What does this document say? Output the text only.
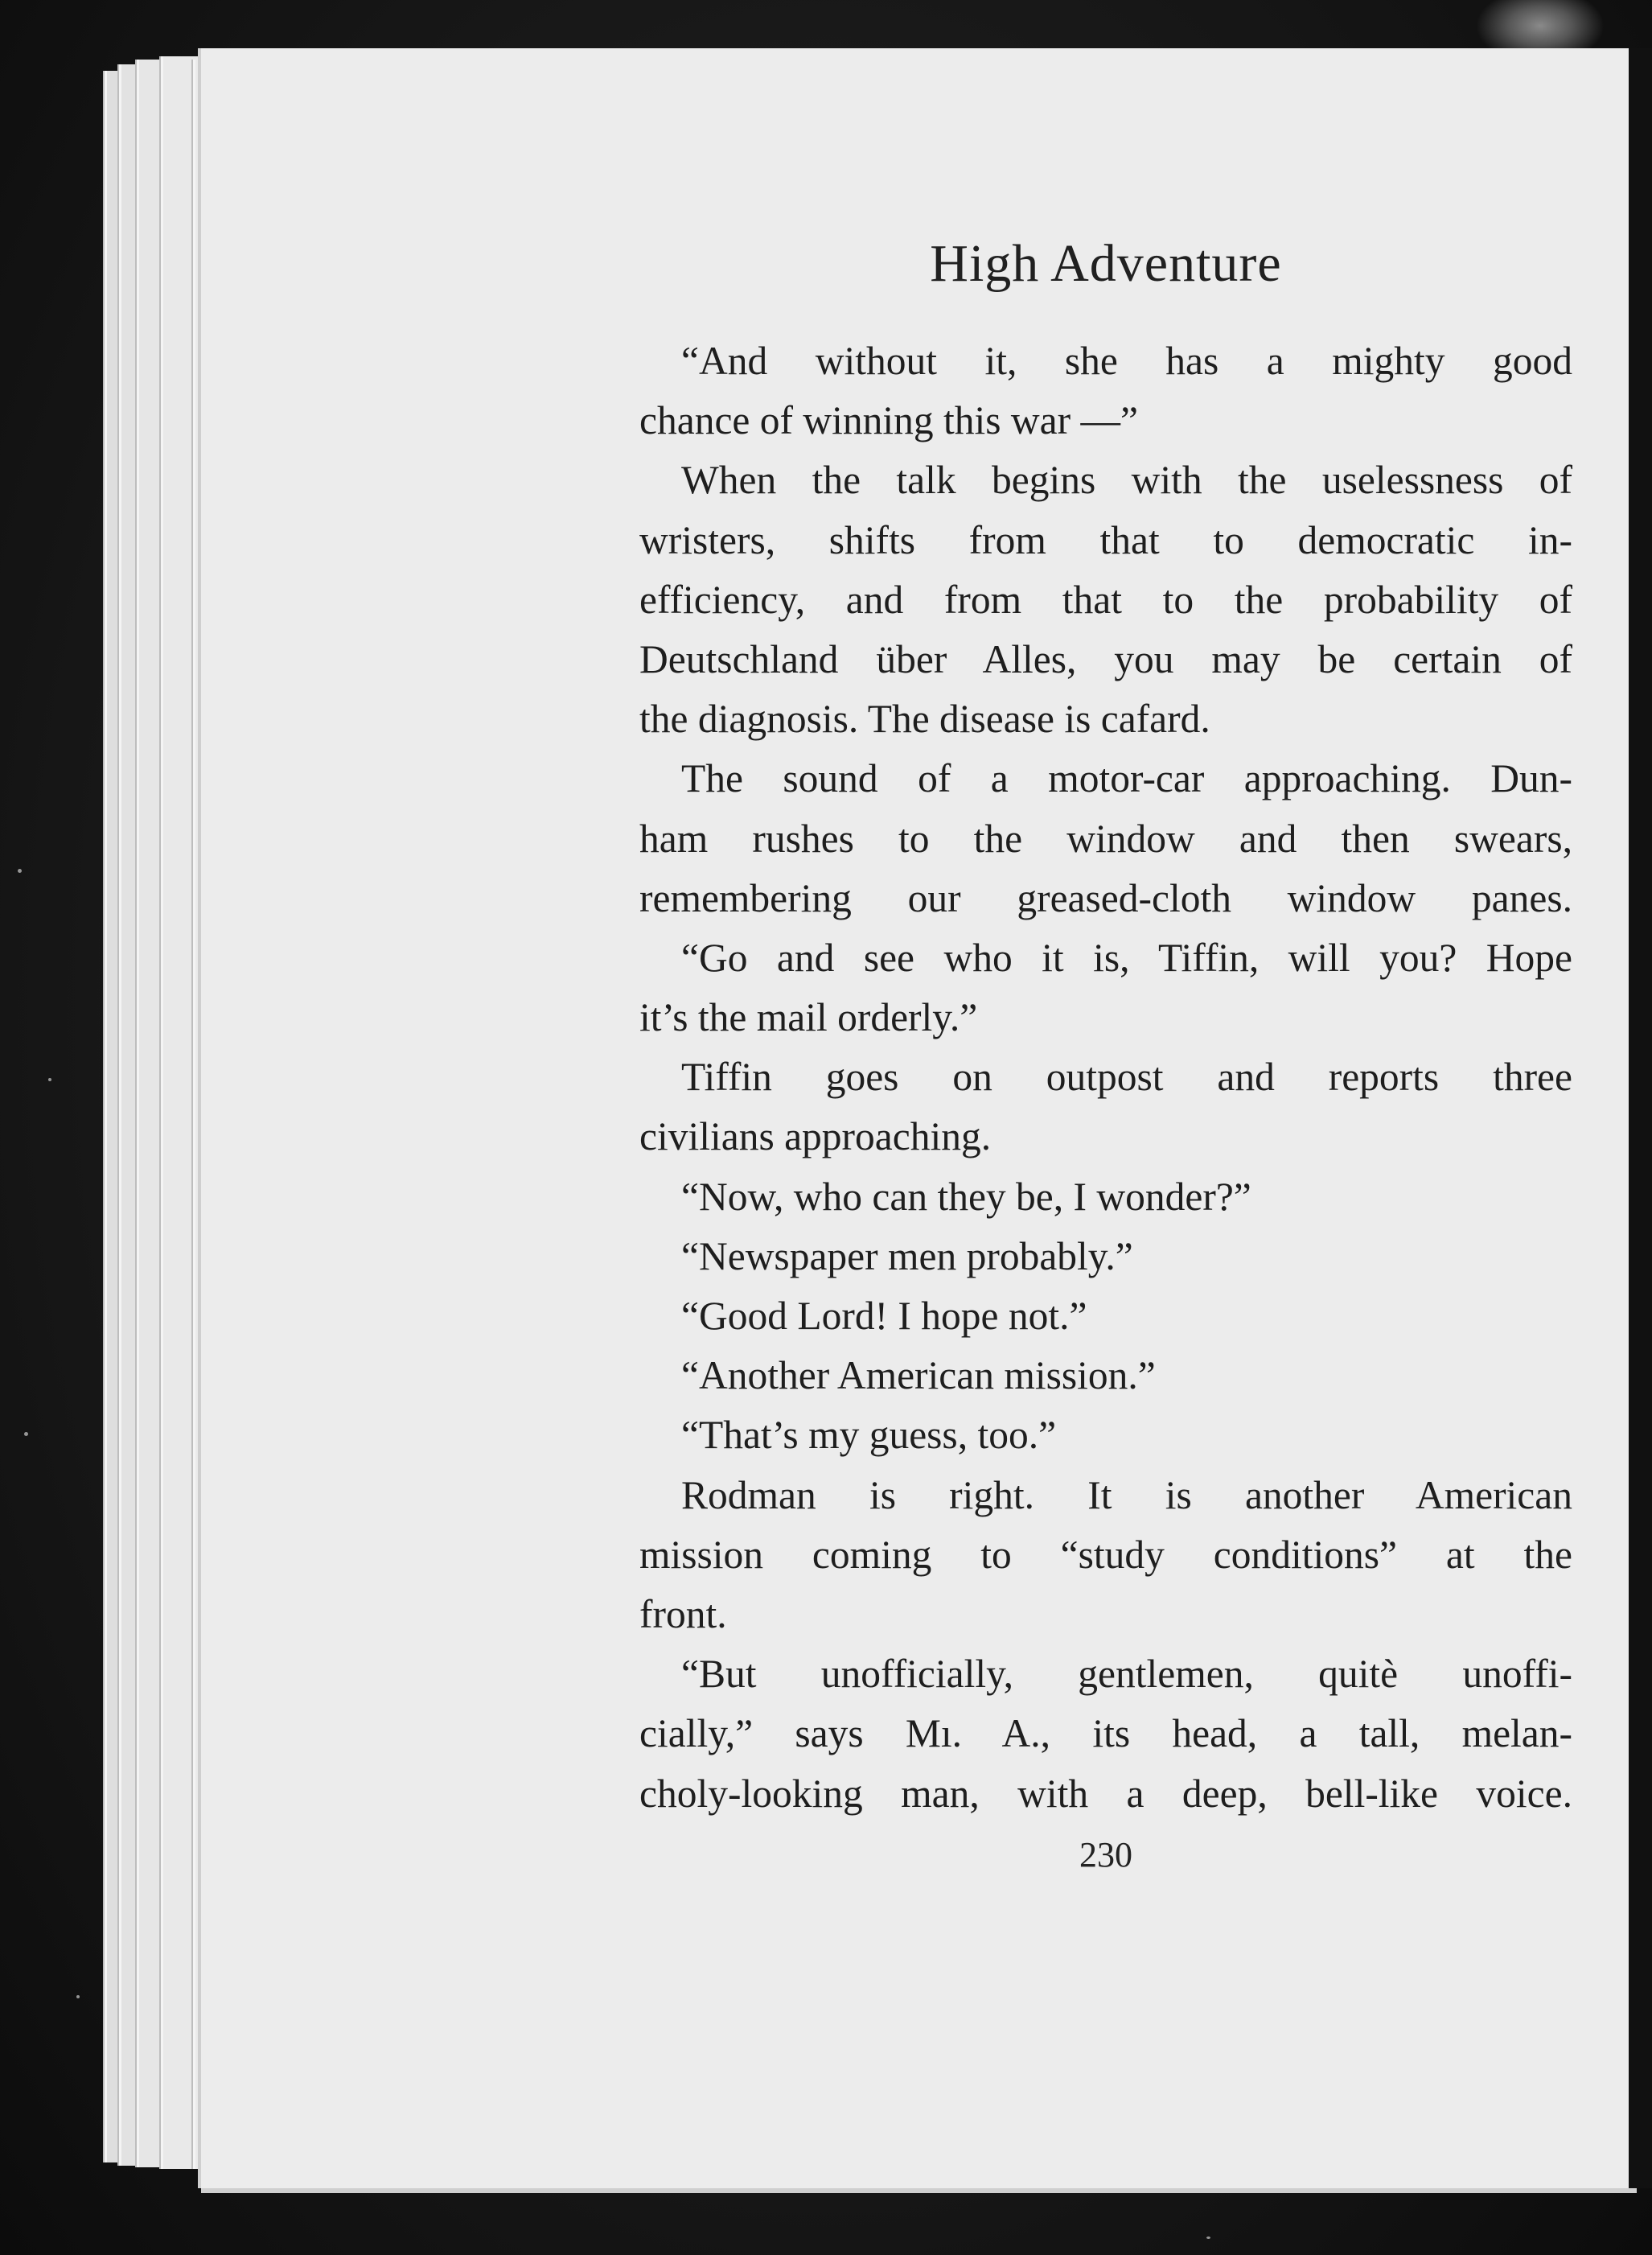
High Adventure
“And without it, she has a mighty good
chance of winning this war —”
When the talk begins with the uselessness of
wristers, shifts from that to democratic in-
efficiency, and from that to the probability of
Deutschland über Alles, you may be certain of
the diagnosis. The disease is cafard.
The sound of a motor-car approaching. Dun-
ham rushes to the window and then swears,
remembering our greased-cloth window panes.
“Go and see who it is, Tiffin, will you? Hope
it’s the mail orderly.”
Tiffin goes on outpost and reports three
civilians approaching.
“Now, who can they be, I wonder?”
“Newspaper men probably.”
“Good Lord! I hope not.”
“Another American mission.”
“That’s my guess, too.”
Rodman is right. It is another American
mission coming to “study conditions” at the
front.
“But unofficially, gentlemen, quitè unoffi-
cially,” says Mı. A., its head, a tall, melan-
choly-looking man, with a deep, bell-like voice.
230
